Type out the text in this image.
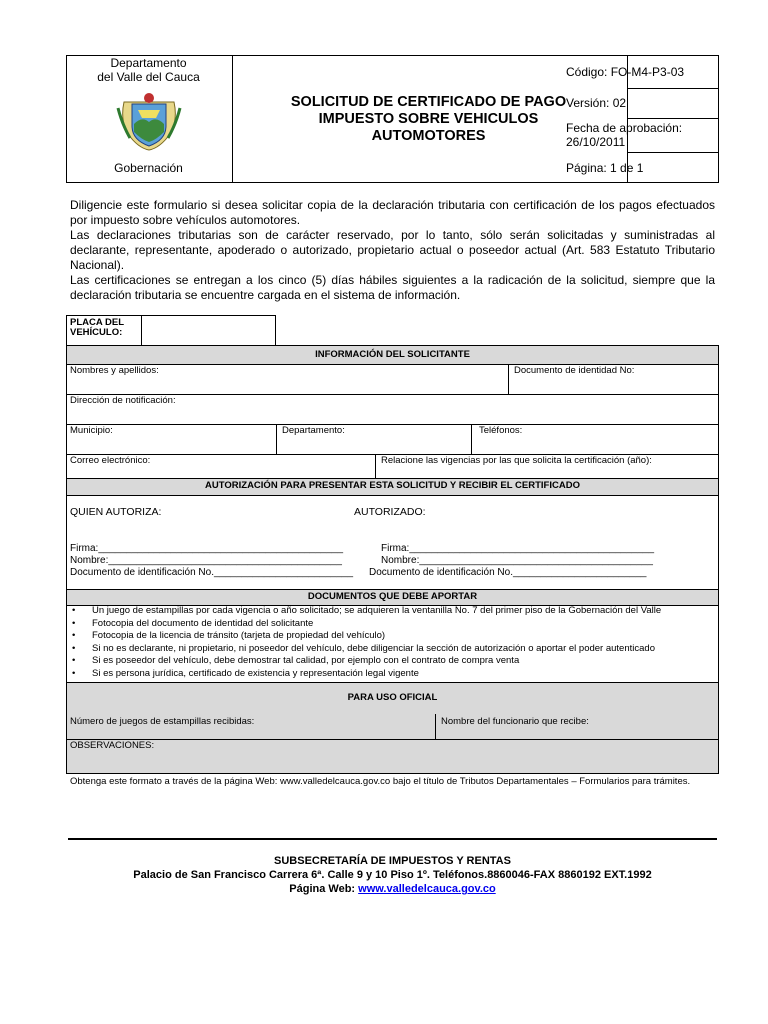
Departamento
del Valle del Cauca
Gobernación
SOLICITUD DE CERTIFICADO DE PAGO
IMPUESTO SOBRE VEHICULOS
AUTOMOTORES
Código: FO-M4-P3-03
Versión: 02
Fecha de aprobación:
26/10/2011
Página: 1 de 1

Diligencie este formulario si desea solicitar copia de la declaración tributaria con certificación de los pagos efectuados por impuesto sobre vehículos automotores.

Las declaraciones tributarias son de carácter reservado, por lo tanto, sólo serán solicitadas y suministradas al declarante, representante, apoderado o autorizado, propietario actual o poseedor actual (Art. 583 Estatuto Tributario Nacional).

Las certificaciones se entregan a los cinco (5) días hábiles siguientes a la radicación de la solicitud, siempre que la declaración tributaria se encuentre cargada en el sistema de información.

PLACA DEL
VEHÍCULO:
INFORMACIÓN DEL SOLICITANTE
Nombres y apellidos:	Documento de identidad No:
Dirección de notificación:
Municipio:	Departamento:	Teléfonos:
Correo electrónico:	Relacione las vigencias por las que solicita la certificación (año):
AUTORIZACIÓN PARA PRESENTAR ESTA SOLICITUD Y RECIBIR EL CERTIFICADO
QUIEN AUTORIZA:	AUTORIZADO:
Firma:____________________________________________
Nombre:__________________________________________
Documento de identificación No._________________________
Firma:____________________________________________
Nombre:__________________________________________
Documento de identificación No.________________________
DOCUMENTOS QUE DEBE APORTAR
• Un juego de estampillas por cada vigencia o año solicitado; se adquieren la ventanilla No. 7 del primer piso de la Gobernación del Valle
• Fotocopia del documento de identidad del solicitante
• Fotocopia de la licencia de tránsito (tarjeta de propiedad del vehículo)
• Si no es declarante, ni propietario, ni poseedor del vehículo, debe diligenciar la sección de autorización o aportar el poder autenticado
• Si es poseedor del vehículo, debe demostrar tal calidad, por ejemplo con el contrato de compra venta
• Si es persona jurídica, certificado de existencia y representación legal vigente
PARA USO OFICIAL
Número de juegos de estampillas recibidas:	Nombre del funcionario que recibe:
OBSERVACIONES:
Obtenga este formato a través de la página Web: www.valledelcauca.gov.co bajo el título de Tributos Departamentales – Formularios para trámites.
SUBSECRETARÍA DE IMPUESTOS Y RENTAS
Palacio de San Francisco Carrera 6ª. Calle 9 y 10 Piso 1º. Teléfonos.8860046-FAX 8860192 EXT.1992
Página Web: www.valledelcauca.gov.co
